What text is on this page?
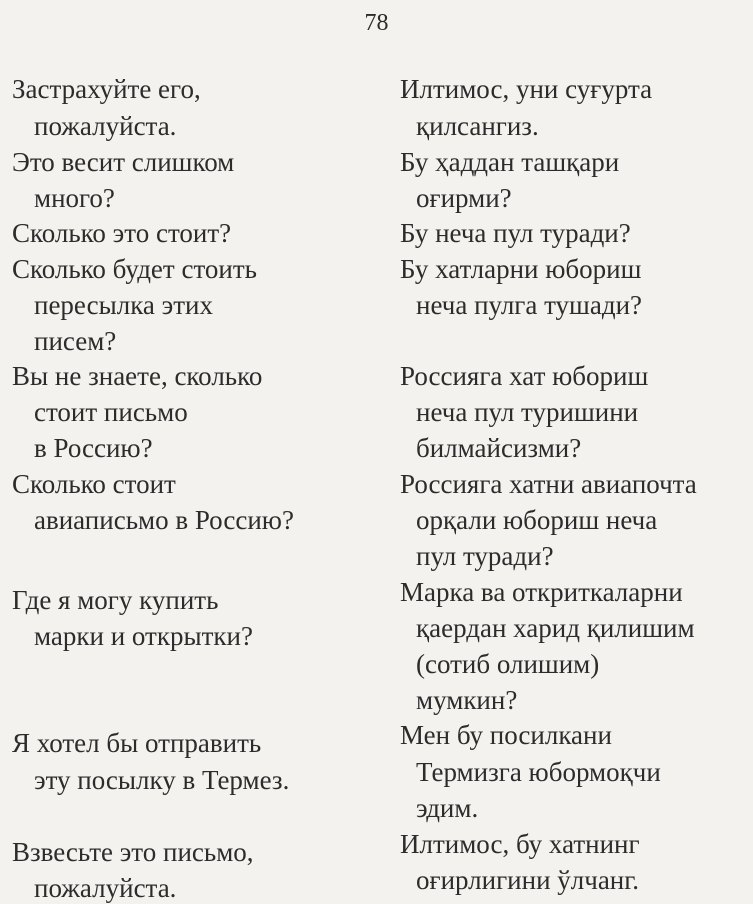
78
Застрахуйте его,
пожалуйста.
Илтимос, уни суғурта
қилсангиз.
Это весит слишком
много?
Бу ҳаддан ташқари
оғирми?
Сколько это стоит?	Бу неча пул туради?
Сколько будет стоить
пересылка этих
писем?
Бу хатларни юбориш
неча пулга тушади?
Вы не знаете, сколько
стоит письмо
в Россию?
Россияга хат юбориш
неча пул туришини
билмайсизми?
Сколько стоит
авиаписьмо в Россию?
Россияга хатни авиапочта
орқали юбориш неча
пул туради?
Где я могу купить
марки и открытки?
Марка ва откриткаларни
қаердан харид қилишим
(сотиб олишим)
мумкин?
Я хотел бы отправить
эту посылку в Термез.
Мен бу посилкани
Термизга юбормоқчи
эдим.
Взвесьте это письмо,
пожалуйста.
Илтимос, бу хатнинг
оғирлигини ўлчанг.
